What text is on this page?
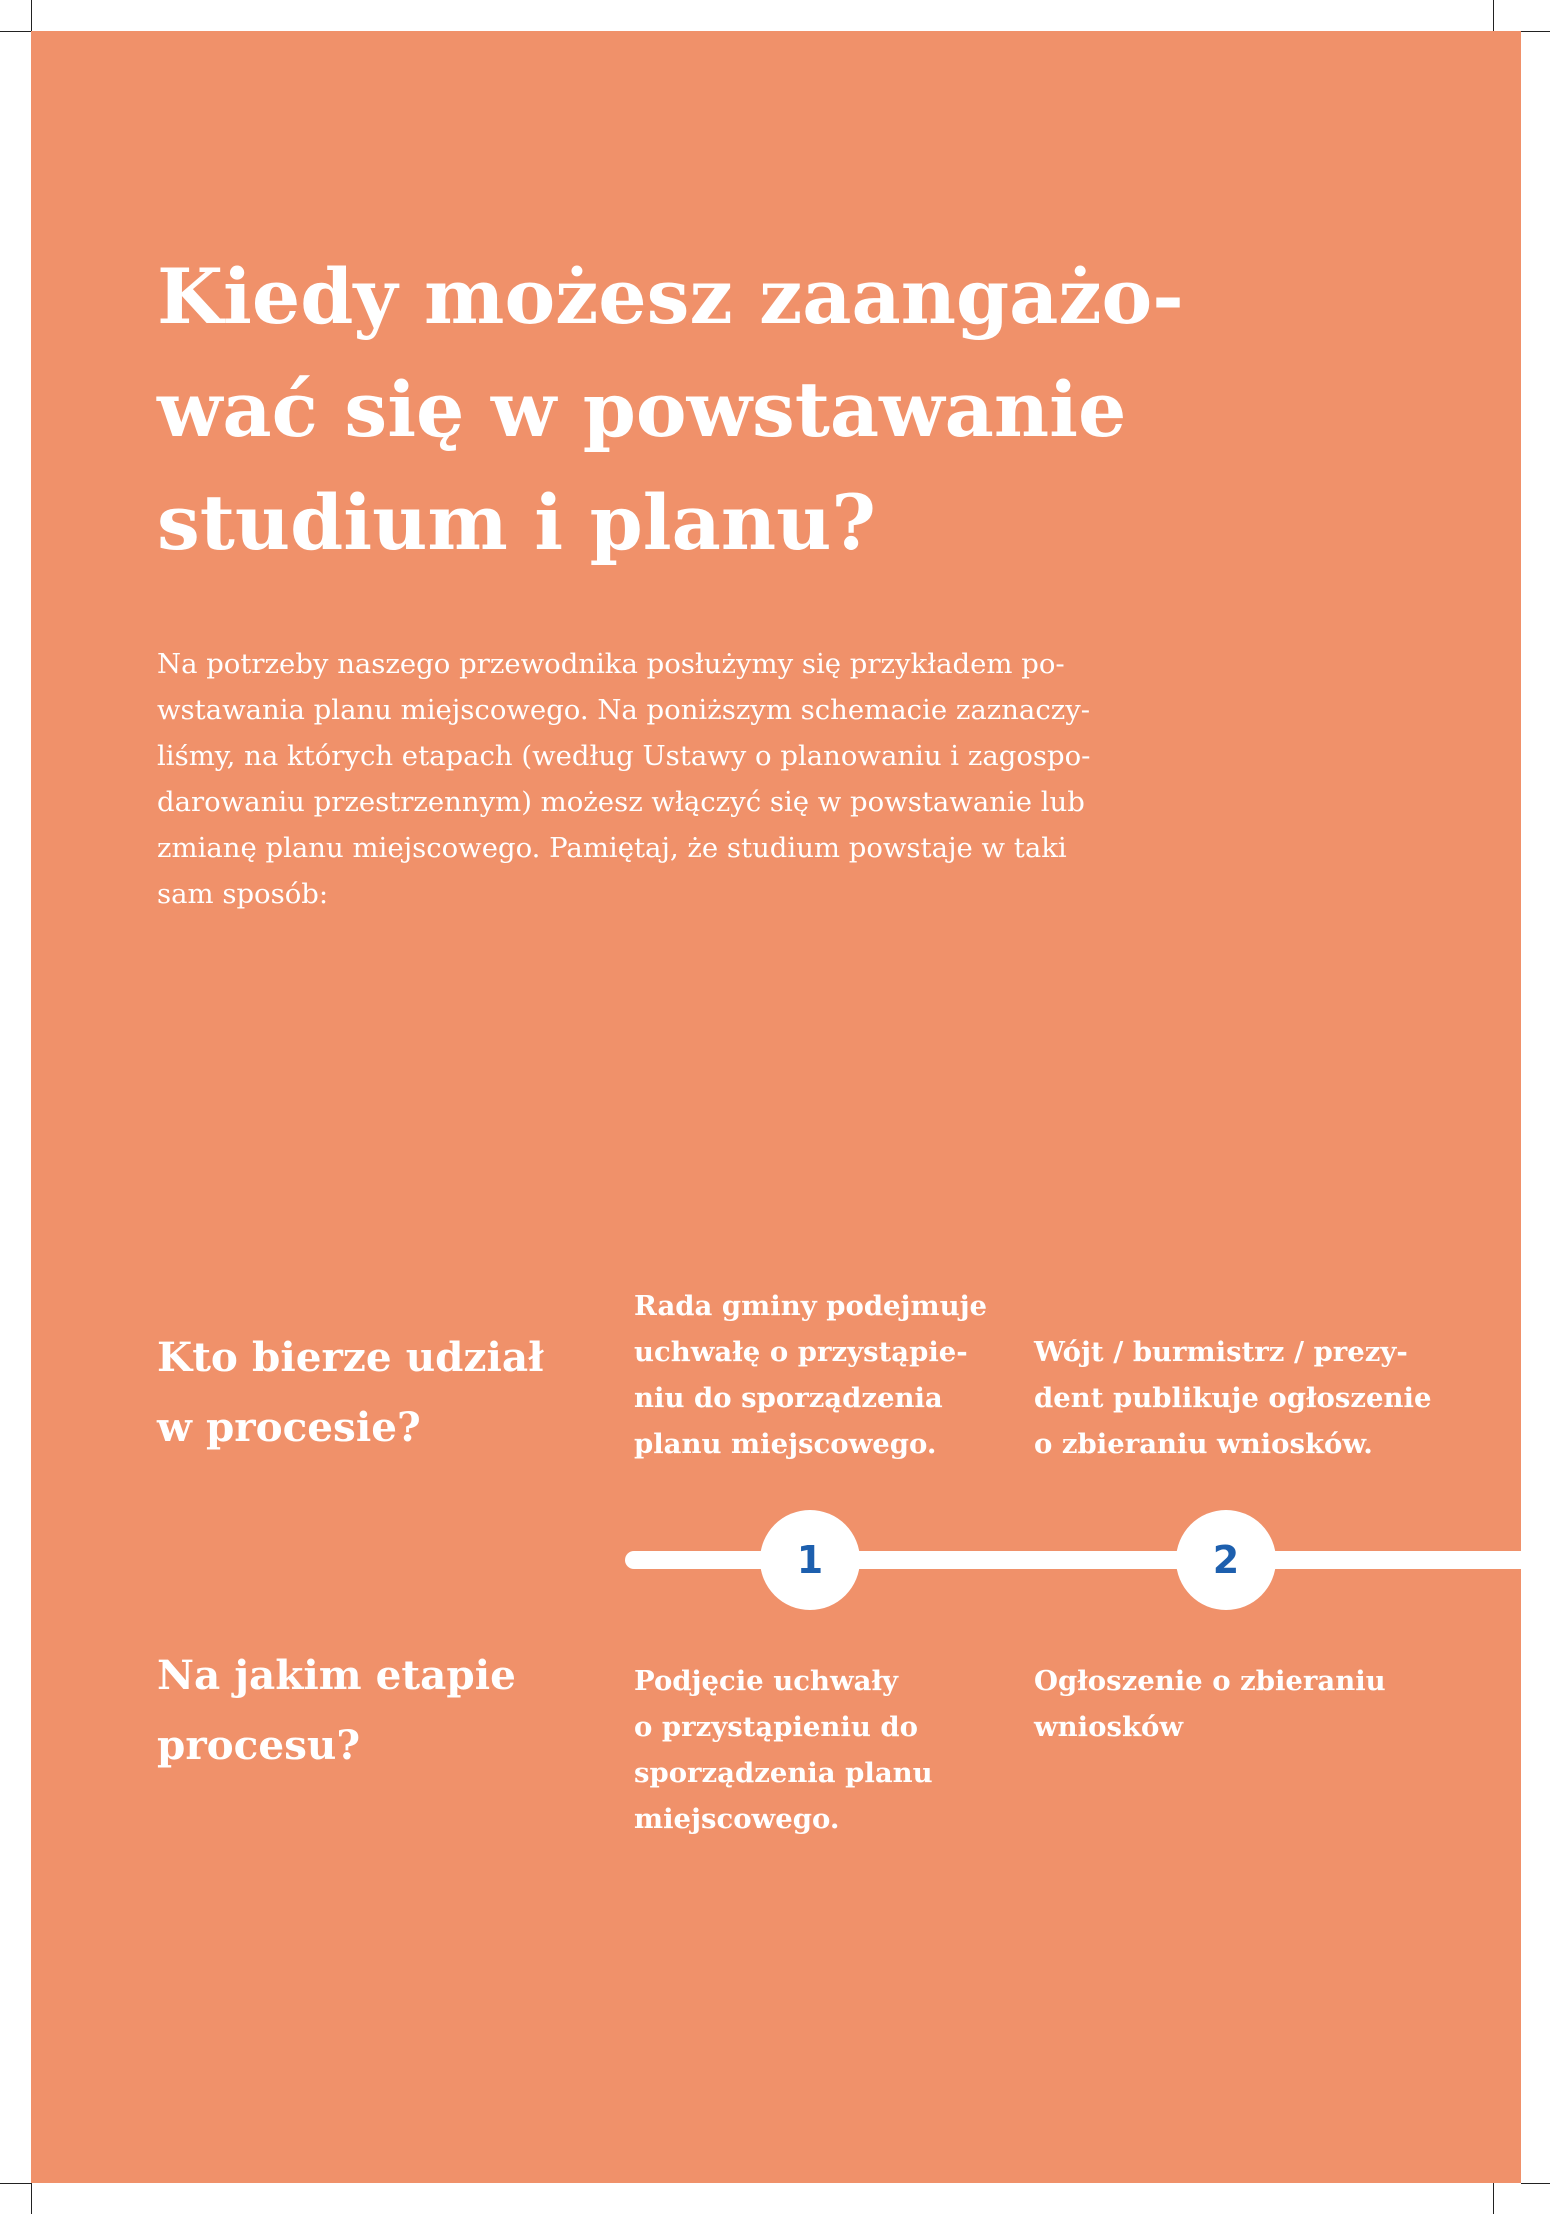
Kiedy możesz zaangażo-
wać się w powstawanie
studium i planu?

Na potrzeby naszego przewodnika posłużymy się przykładem po-
wstawania planu miejscowego. Na poniższym schemacie zaznaczy-
liśmy, na których etapach (według Ustawy o planowaniu i zagospo-
darowaniu przestrzennym) możesz włączyć się w powstawanie lub
zmianę planu miejscowego. Pamiętaj, że studium powstaje w taki
sam sposób:

Kto bierze udział
w procesie?
Rada gminy podejmuje
uchwałę o przystąpie-
niu do sporządzenia
planu miejscowego.
Wójt / burmistrz / prezy-
dent publikuje ogłoszenie
o zbieraniu wniosków.
1	2
Na jakim etapie
procesu?
Podjęcie uchwały
o przystąpieniu do
sporządzenia planu
miejscowego.
Ogłoszenie o zbieraniu
wniosków
